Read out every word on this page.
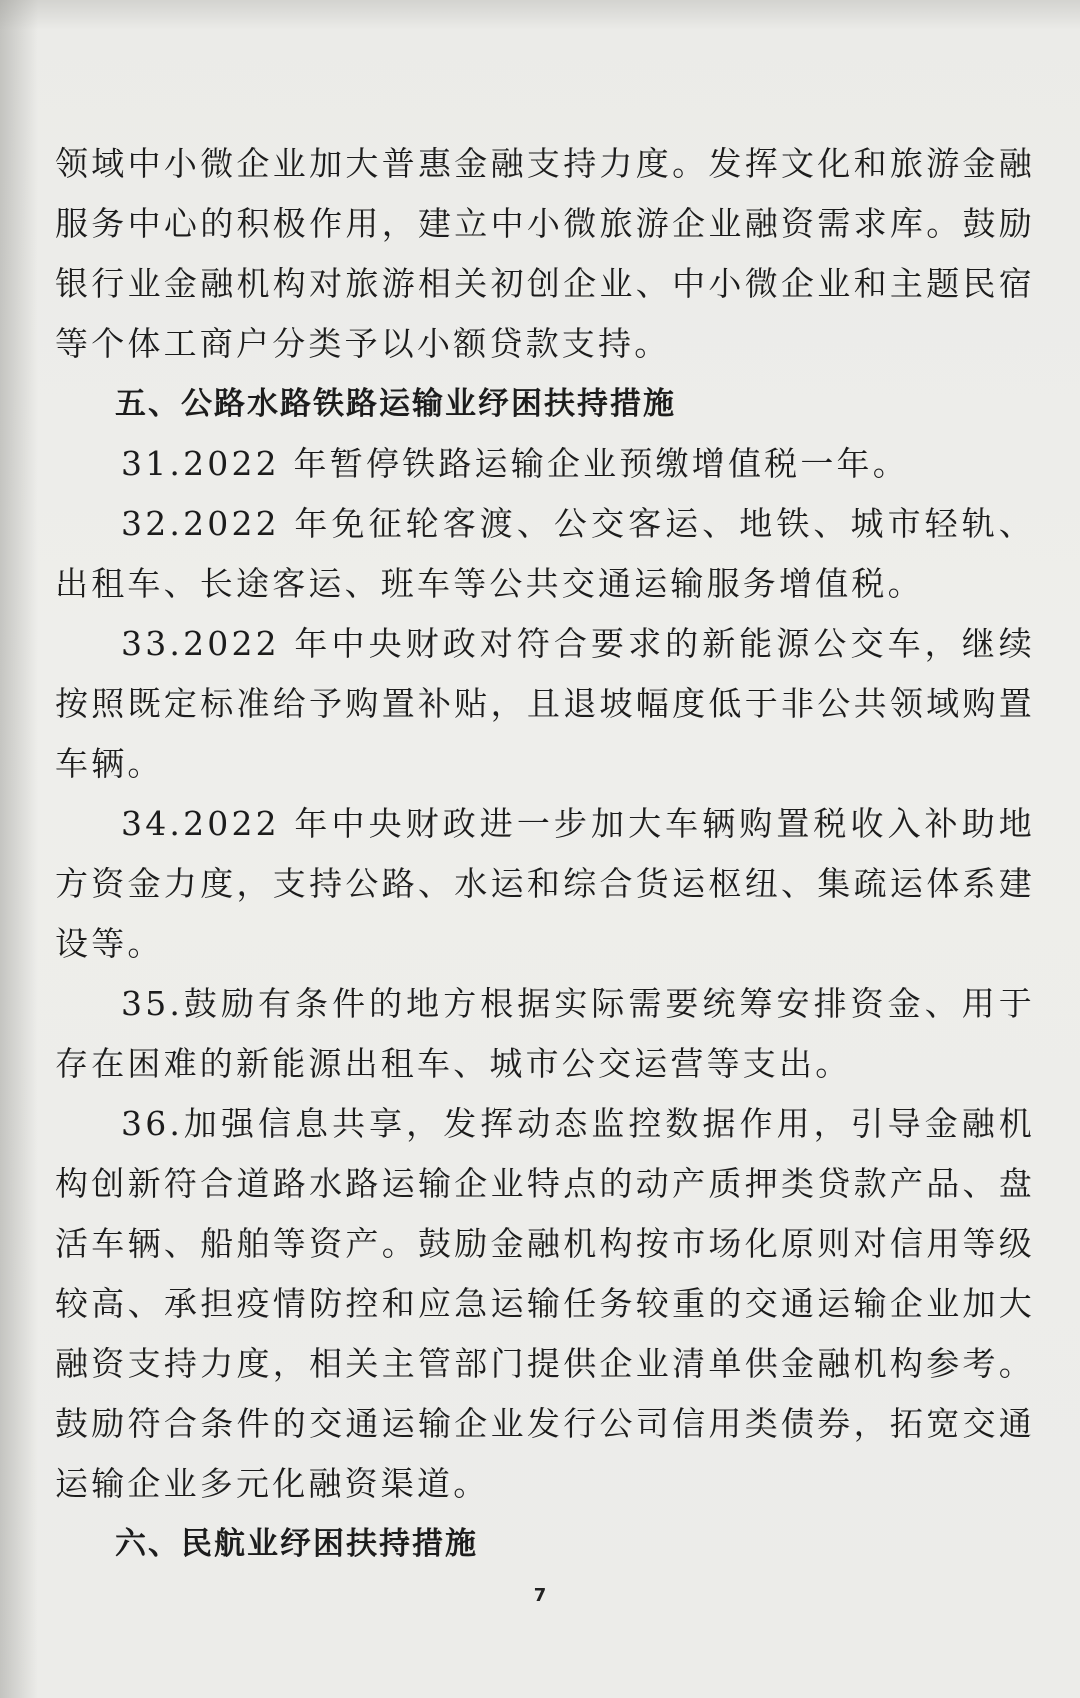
领域中小微企业加大普惠金融支持力度。发挥文化和旅游金融服务中心的积极作用，建立中小微旅游企业融资需求库。鼓励银行业金融机构对旅游相关初创企业、中小微企业和主题民宿等个体工商户分类予以小额贷款支持。

五、公路水路铁路运输业纾困扶持措施

31.2022 年暂停铁路运输企业预缴增值税一年。

32.2022 年免征轮客渡、公交客运、地铁、城市轻轨、出租车、长途客运、班车等公共交通运输服务增值税。

33.2022 年中央财政对符合要求的新能源公交车，继续按照既定标准给予购置补贴，且退坡幅度低于非公共领域购置车辆。

34.2022 年中央财政进一步加大车辆购置税收入补助地方资金力度，支持公路、水运和综合货运枢纽、集疏运体系建设等。

35.鼓励有条件的地方根据实际需要统筹安排资金、用于存在困难的新能源出租车、城市公交运营等支出。

36.加强信息共享，发挥动态监控数据作用，引导金融机构创新符合道路水路运输企业特点的动产质押类贷款产品、盘活车辆、船舶等资产。鼓励金融机构按市场化原则对信用等级较高、承担疫情防控和应急运输任务较重的交通运输企业加大融资支持力度，相关主管部门提供企业清单供金融机构参考。鼓励符合条件的交通运输企业发行公司信用类债券，拓宽交通运输企业多元化融资渠道。

六、民航业纾困扶持措施

7
